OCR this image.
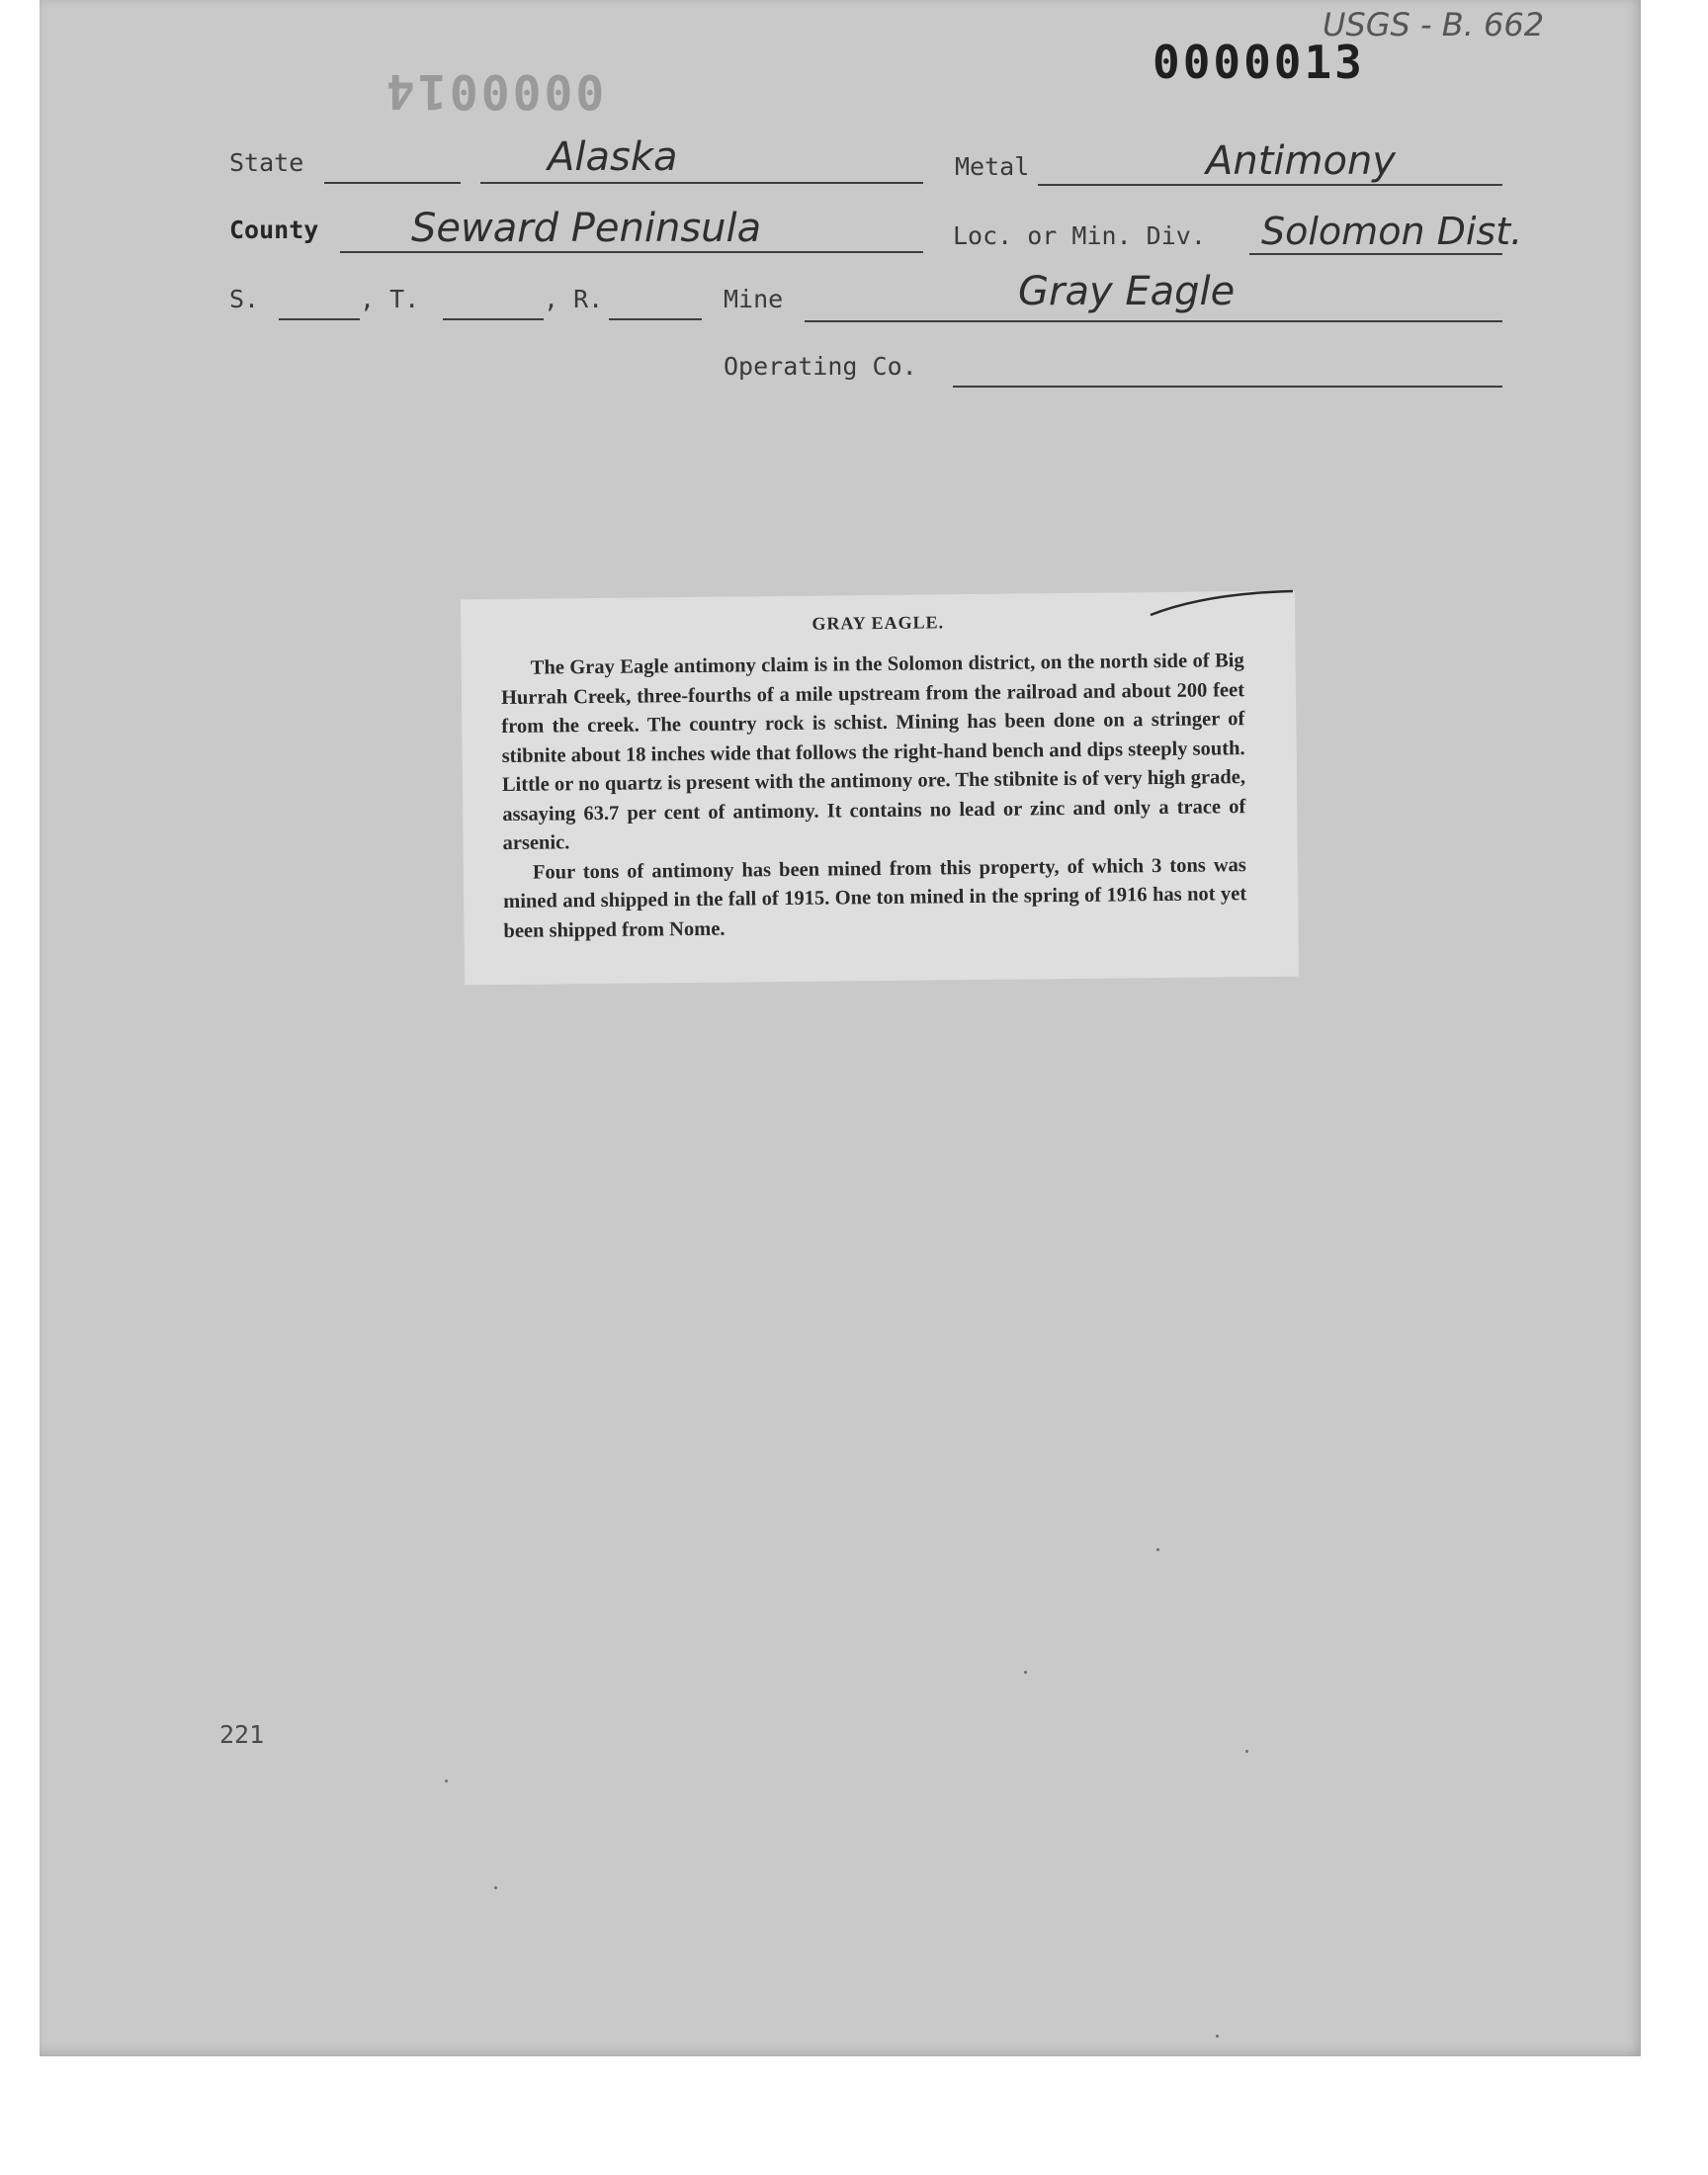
USGS - B. 662
0000013
0000014
State	Alaska	Metal	Antimony
County Seward Peninsula	Loc. or Min. Div. Solomon Dist.
S.	, T.	, R.	Mine	Gray Eagle
Operating Co.
GRAY EAGLE.

The Gray Eagle antimony claim is in the Solomon district, on the north side of Big Hurrah Creek, three-fourths of a mile upstream from the railroad and about 200 feet from the creek. The country rock is schist. Mining has been done on a stringer of stibnite about 18 inches wide that follows the right-hand bench and dips steeply south. Little or no quartz is present with the antimony ore. The stibnite is of very high grade, assaying 63.7 per cent of antimony. It contains no lead or zinc and only a trace of arsenic.

Four tons of antimony has been mined from this property, of which 3 tons was mined and shipped in the fall of 1915. One ton mined in the spring of 1916 has not yet been shipped from Nome.

221
